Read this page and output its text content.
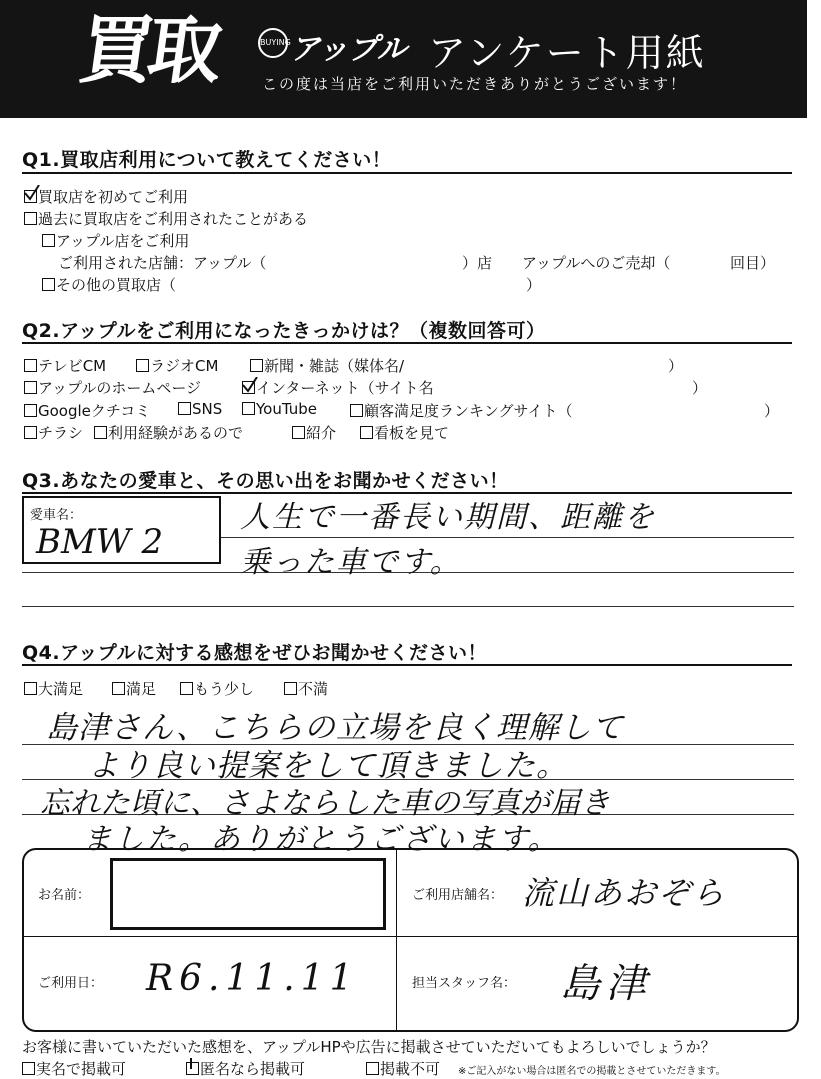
買取	BUYING アップル アンケート用紙
この度は当店をご利用いただきありがとうございます！
Q1.買取店利用について教えてください！
買取店を初めてご利用
過去に買取店をご利用されたことがある
アップル店をご利用
ご利用された店舗：アップル（	）店 アップルへのご売却（	回目）
その他の買取店（	）
Q2.アップルをご利用になったきっかけは？（複数回答可）
テレビCM	ラジオCM	新聞・雑誌（媒体名/	）
アップルのホームページ	インターネット（サイト名	）
Googleクチコミ	SNS	YouTube	顧客満足度ランキングサイト（	）
チラシ	利用経験があるので	紹介	看板を見て
Q3.あなたの愛車と、その思い出をお聞かせください！
愛車名：
BMW 2
人生で一番長い期間、距離を
乗った車です。
Q4.アップルに対する感想をぜひお聞かせください！
大満足	満足	もう少し	不満
島津さん、こちらの立場を良く理解して
より良い提案をして頂きました。
忘れた頃に、さよならした車の写真が届き
ました。ありがとうございます。
お名前：	ご利用店舗名： 流山あおぞら
ご利用日： R6.11.11	担当スタッフ名： 島津
お客様に書いていただいた感想を、アップルHPや広告に掲載させていただいてもよろしいでしょうか？
実名で掲載可	匿名なら掲載可	掲載不可 ※ご記入がない場合は匿名での掲載とさせていただきます。
